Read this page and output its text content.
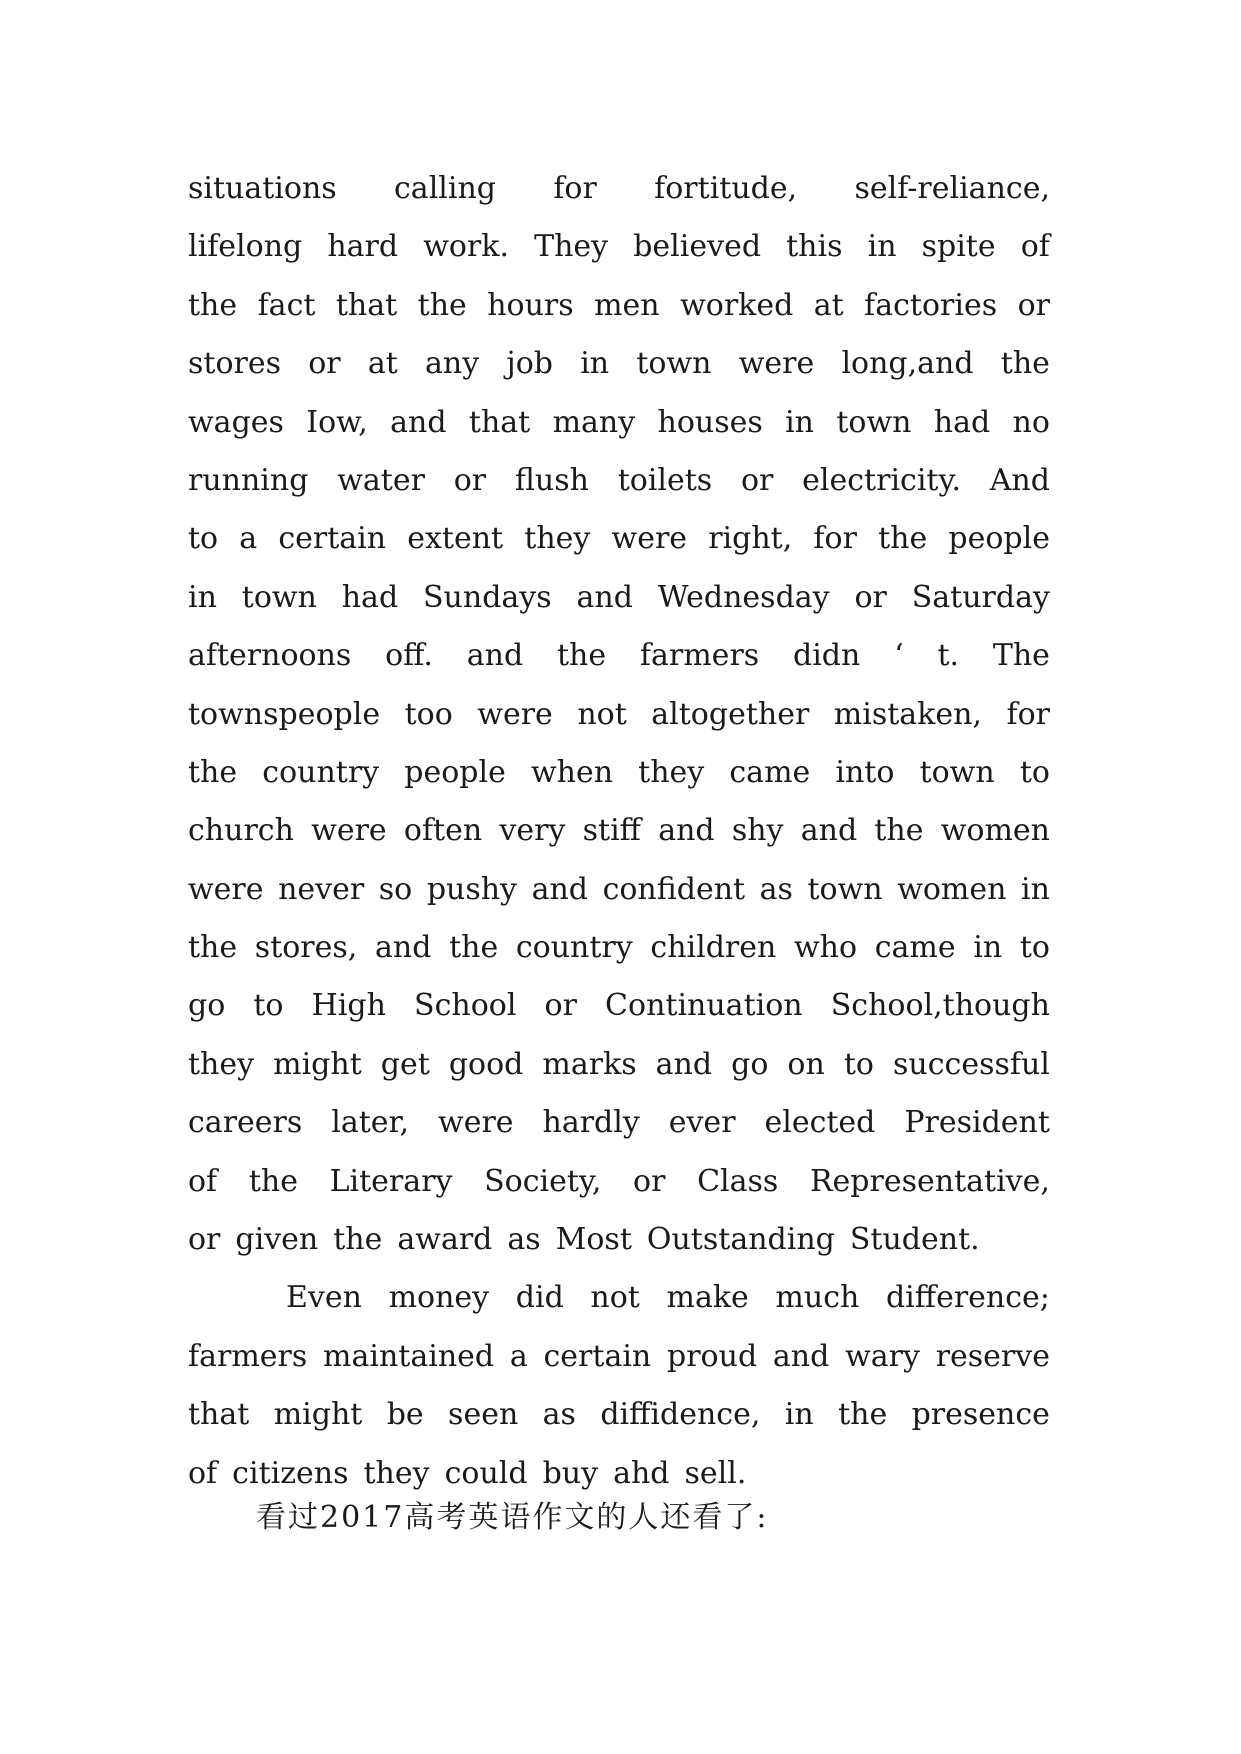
situations calling for fortitude, self-reliance,
lifelong hard work. They believed this in spite of
the fact that the hours men worked at factories or
stores or at any job in town were long,and the
wages Iow, and that many houses in town had no
running water or flush toilets or electricity. And
to a certain extent they were right, for the people
in town had Sundays and Wednesday or Saturday
afternoons off. and the farmers didn ‘ t. The
townspeople too were not altogether mistaken, for
the country people when they came into town to
church were often very stiff and shy and the women
were never so pushy and confident as town women in
the stores, and the country children who came in to
go to High School or Continuation School,though
they might get good marks and go on to successful
careers later, were hardly ever elected President
of the Literary Society, or Class Representative,
or given the award as Most Outstanding Student.
Even money did not make much difference;
farmers maintained a certain proud and wary reserve
that might be seen as diffidence, in the presence
of citizens they could buy ahd sell.
看过2017高考英语作文的人还看了:
